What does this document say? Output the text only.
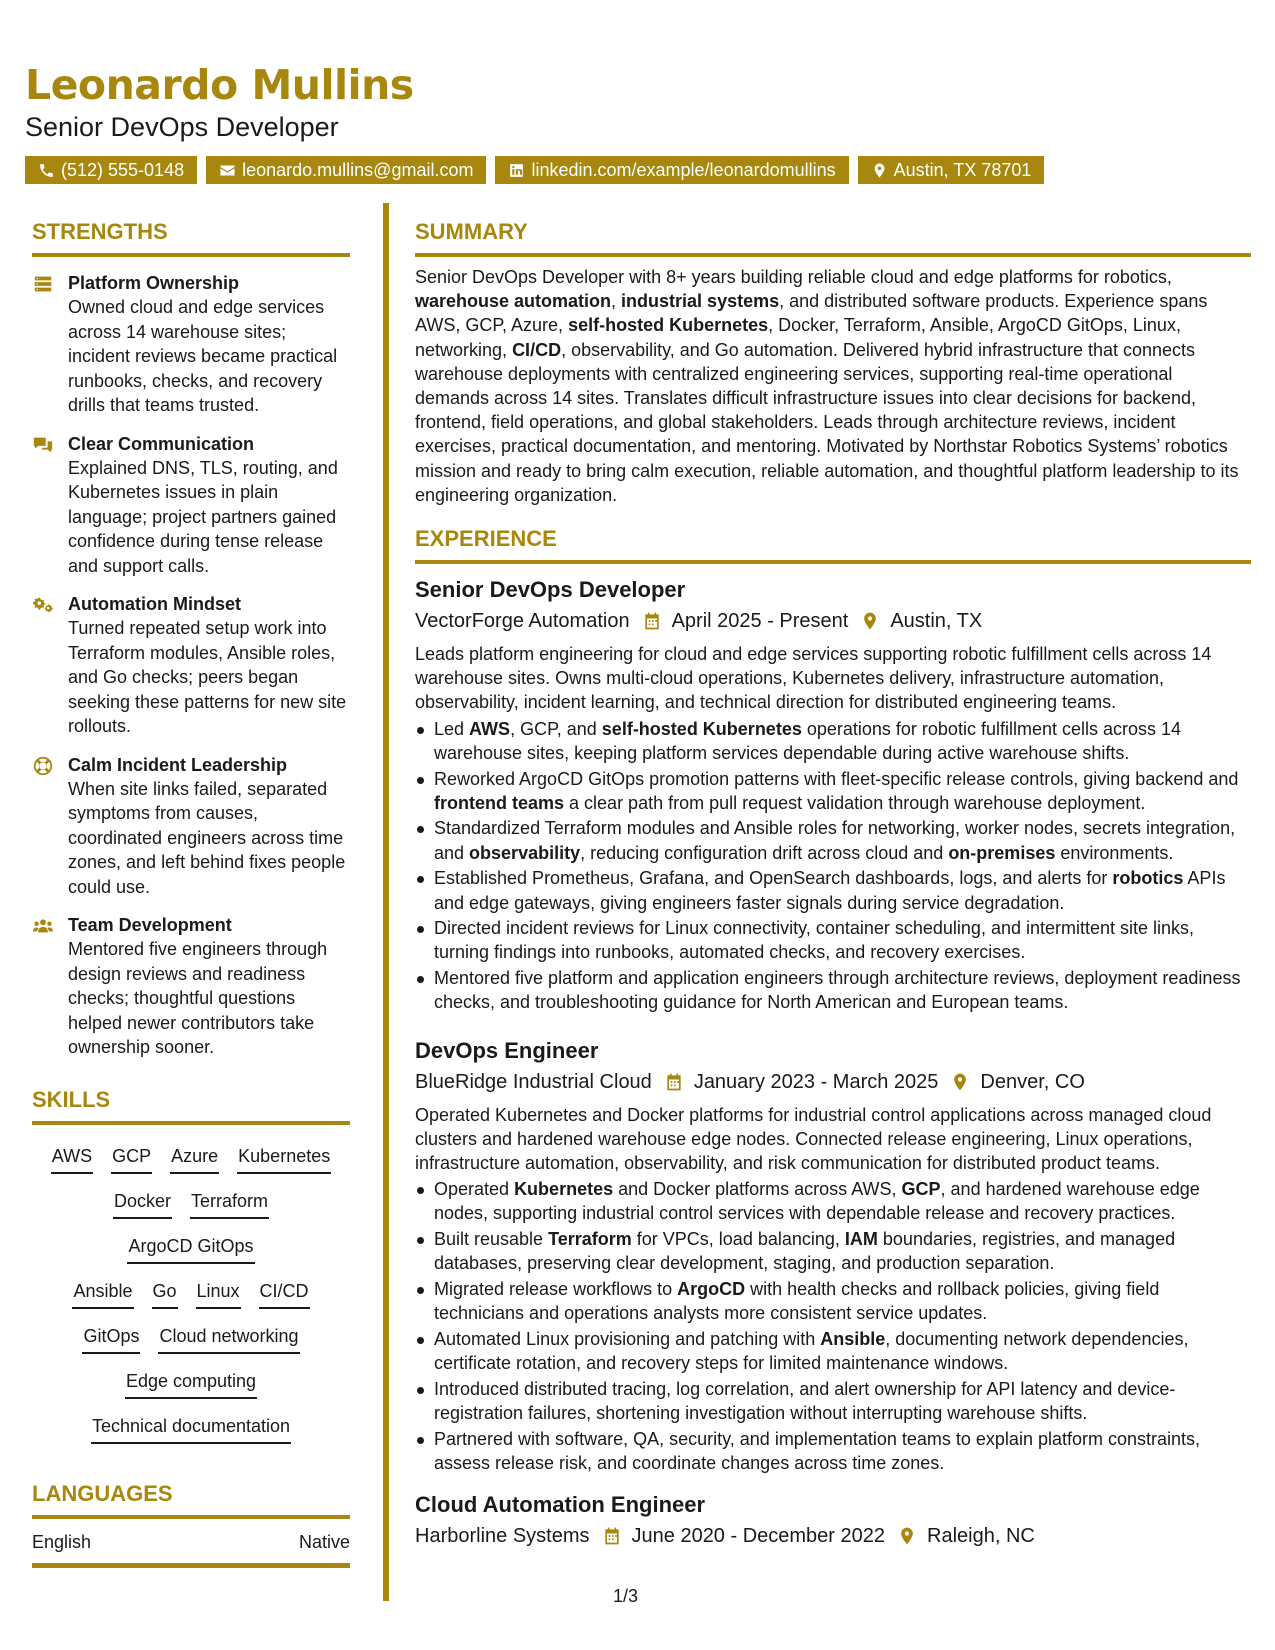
Leonardo Mullins
Senior DevOps Developer
(512) 555-0148	leonardo.mullins@gmail.com	linkedin.com/example/leonardomullins	Austin, TX 78701
STRENGTHS
Platform Ownership
Owned cloud and edge services across 14 warehouse sites; incident reviews became practical runbooks, checks, and recovery drills that teams trusted.
Clear Communication
Explained DNS, TLS, routing, and Kubernetes issues in plain language; project partners gained confidence during tense release and support calls.
Automation Mindset
Turned repeated setup work into Terraform modules, Ansible roles, and Go checks; peers began seeking these patterns for new site rollouts.
Calm Incident Leadership
When site links failed, separated symptoms from causes, coordinated engineers across time zones, and left behind fixes people could use.
Team Development
Mentored five engineers through design reviews and readiness checks; thoughtful questions helped newer contributors take ownership sooner.
SKILLS
AWS GCP Azure Kubernetes
Docker TerraformArgoCD GitOps
Ansible Go Linux CI/CD
GitOps Cloud networking
Edge computing
Technical documentation
LANGUAGES
English	Native
SUMMARY
Senior DevOps Developer with 8+ years building reliable cloud and edge platforms for robotics, warehouse automation, industrial systems, and distributed software products. Experience spans AWS, GCP, Azure, self-hosted Kubernetes, Docker, Terraform, Ansible, ArgoCD GitOps, Linux, networking, CI/CD, observability, and Go automation. Delivered hybrid infrastructure that connects warehouse deployments with centralized engineering services, supporting real-time operational demands across 14 sites. Translates difficult infrastructure issues into clear decisions for backend, frontend, field operations, and global stakeholders. Leads through architecture reviews, incident exercises, practical documentation, and mentoring. Motivated by Northstar Robotics Systems’ robotics mission and ready to bring calm execution, reliable automation, and thoughtful platform leadership to its engineering organization.
EXPERIENCE
Senior DevOps Developer
VectorForge Automation April 2025 - Present Austin, TX
Leads platform engineering for cloud and edge services supporting robotic fulfillment cells across 14 warehouse sites. Owns multi-cloud operations, Kubernetes delivery, infrastructure automation, observability, incident learning, and technical direction for distributed engineering teams.
Led AWS, GCP, and self-hosted Kubernetes operations for robotic fulfillment cells across 14 warehouse sites, keeping platform services dependable during active warehouse shifts.
Reworked ArgoCD GitOps promotion patterns with fleet-specific release controls, giving backend and frontend teams a clear path from pull request validation through warehouse deployment.
Standardized Terraform modules and Ansible roles for networking, worker nodes, secrets integration, and observability, reducing configuration drift across cloud and on-premises environments.
Established Prometheus, Grafana, and OpenSearch dashboards, logs, and alerts for robotics APIs and edge gateways, giving engineers faster signals during service degradation.
Directed incident reviews for Linux connectivity, container scheduling, and intermittent site links, turning findings into runbooks, automated checks, and recovery exercises.
Mentored five platform and application engineers through architecture reviews, deployment readiness checks, and troubleshooting guidance for North American and European teams.
DevOps Engineer
BlueRidge Industrial Cloud January 2023 - March 2025 Denver, CO
Operated Kubernetes and Docker platforms for industrial control applications across managed cloud clusters and hardened warehouse edge nodes. Connected release engineering, Linux operations, infrastructure automation, observability, and risk communication for distributed product teams.
Operated Kubernetes and Docker platforms across AWS, GCP, and hardened warehouse edge nodes, supporting industrial control services with dependable release and recovery practices.
Built reusable Terraform for VPCs, load balancing, IAM boundaries, registries, and managed databases, preserving clear development, staging, and production separation.
Migrated release workflows to ArgoCD with health checks and rollback policies, giving field technicians and operations analysts more consistent service updates.
Automated Linux provisioning and patching with Ansible, documenting network dependencies, certificate rotation, and recovery steps for limited maintenance windows.
Introduced distributed tracing, log correlation, and alert ownership for API latency and device-registration failures, shortening investigation without interrupting warehouse shifts.
Partnered with software, QA, security, and implementation teams to explain platform constraints, assess release risk, and coordinate changes across time zones.
Cloud Automation Engineer
Harborline Systems June 2020 - December 2022 Raleigh, NC
1/3
